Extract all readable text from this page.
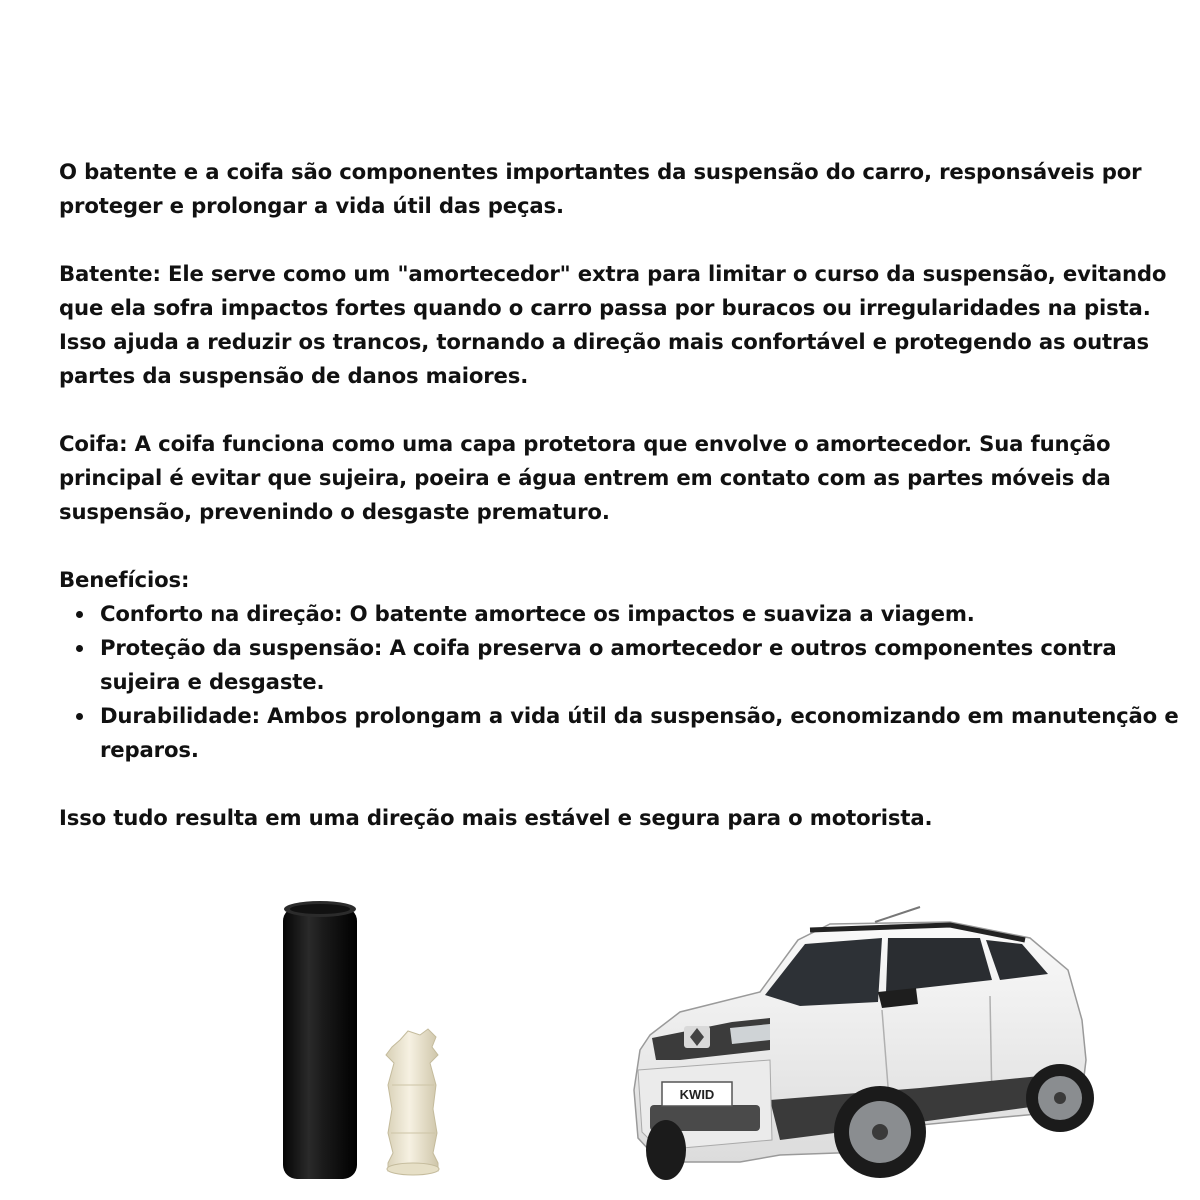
O batente e a coifa são componentes importantes da suspensão do carro, responsáveis por proteger e prolongar a vida útil das peças.

Batente: Ele serve como um "amortecedor" extra para limitar o curso da suspensão, evitando que ela sofra impactos fortes quando o carro passa por buracos ou irregularidades na pista. Isso ajuda a reduzir os trancos, tornando a direção mais confortável e protegendo as outras partes da suspensão de danos maiores.

Coifa: A coifa funciona como uma capa protetora que envolve o amortecedor. Sua função principal é evitar que sujeira, poeira e água entrem em contato com as partes móveis da suspensão, prevenindo o desgaste prematuro.

Benefícios:

Conforto na direção: O batente amortece os impactos e suaviza a viagem.
Proteção da suspensão: A coifa preserva o amortecedor e outros componentes contra sujeira e desgaste.
Durabilidade: Ambos prolongam a vida útil da suspensão, economizando em manutenção e reparos.

Isso tudo resulta em uma direção mais estável e segura para o motorista.

KWID
